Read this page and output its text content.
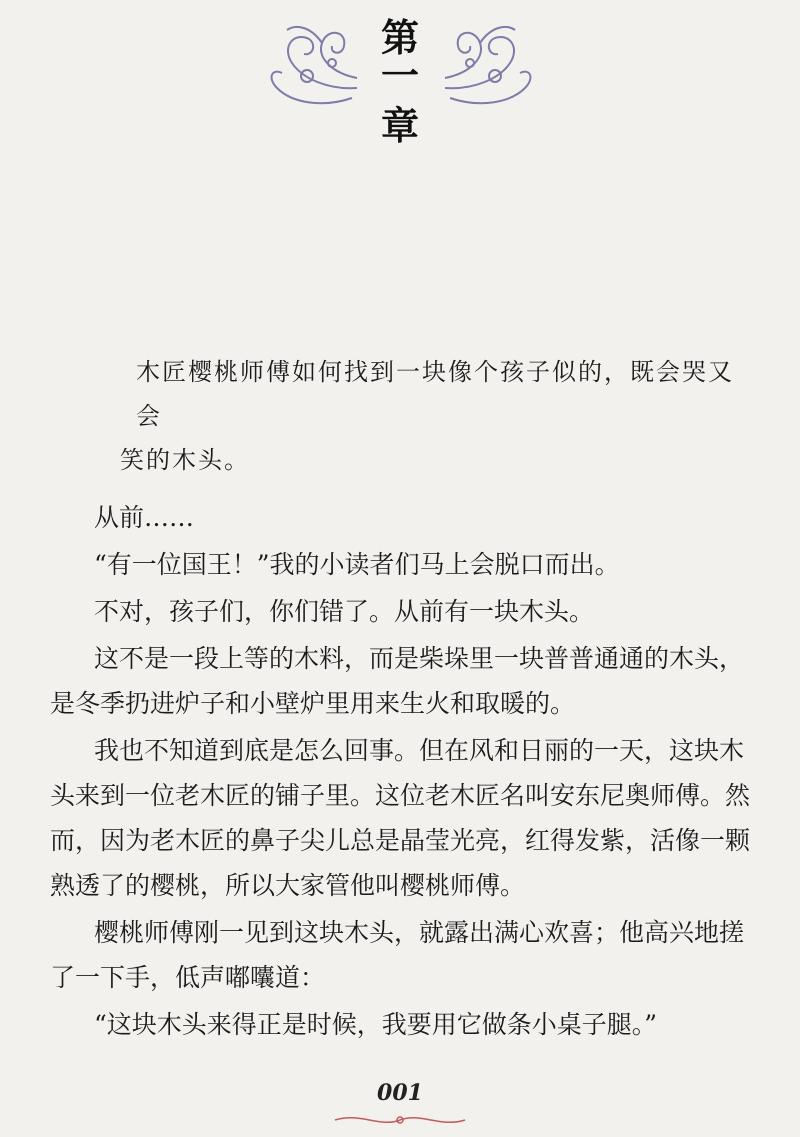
第
一
章
木匠樱桃师傅如何找到一块像个孩子似的，既会哭又会
笑的木头。

从前……

“有一位国王！”我的小读者们马上会脱口而出。

不对，孩子们，你们错了。从前有一块木头。

这不是一段上等的木料，而是柴垛里一块普普通通的木头，是冬季扔进炉子和小壁炉里用来生火和取暖的。

我也不知道到底是怎么回事。但在风和日丽的一天，这块木头来到一位老木匠的铺子里。这位老木匠名叫安东尼奥师傅。然而，因为老木匠的鼻子尖儿总是晶莹光亮，红得发紫，活像一颗熟透了的樱桃，所以大家管他叫樱桃师傅。

樱桃师傅刚一见到这块木头，就露出满心欢喜；他高兴地搓了一下手，低声嘟囔道：

“这块木头来得正是时候，我要用它做条小桌子腿。”

001
